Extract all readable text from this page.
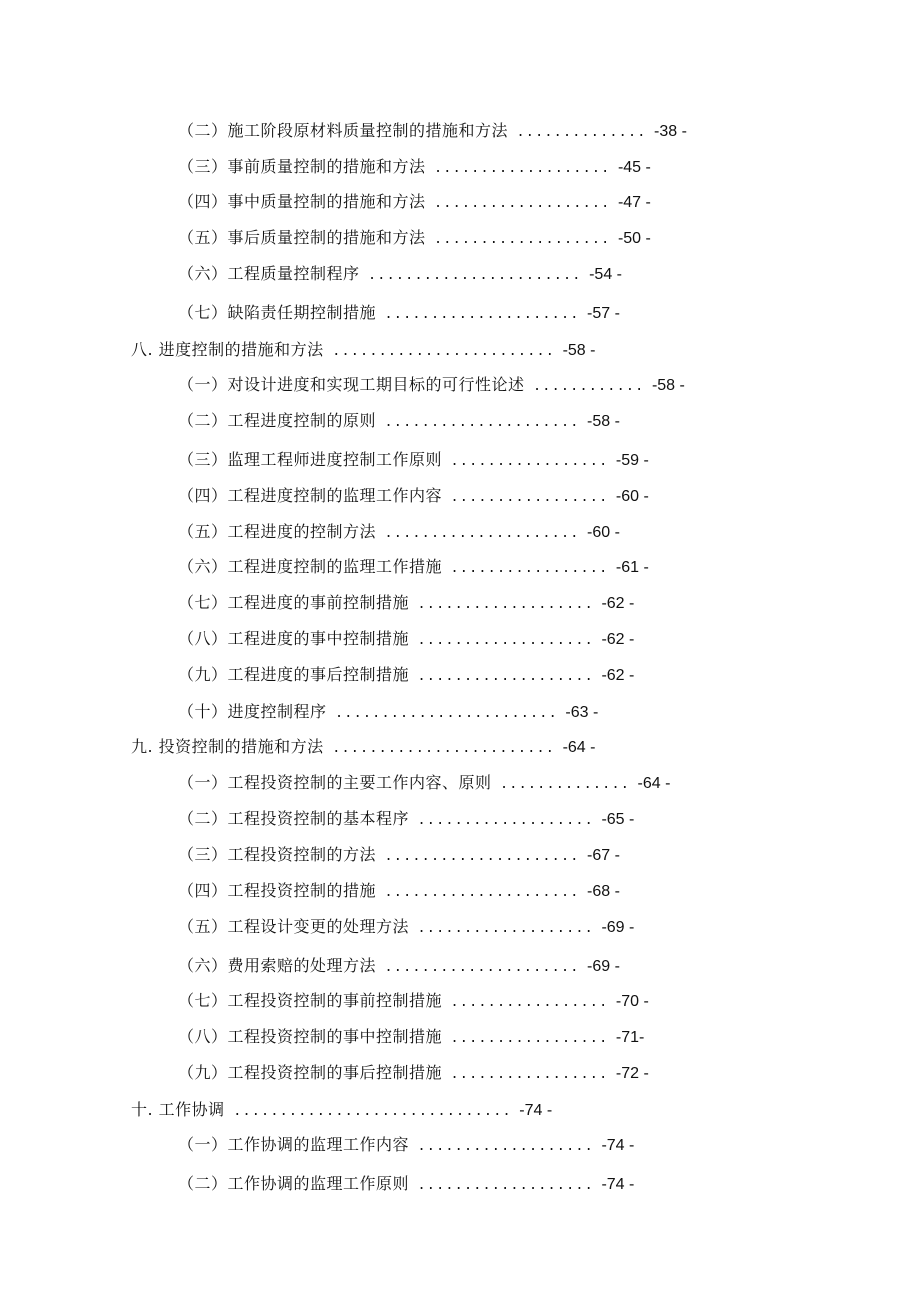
（二）施工阶段原材料质量控制的措施和方法 .............. -38 -
（三）事前质量控制的措施和方法 ................... -45 -
（四）事中质量控制的措施和方法 ................... -47 -
（五）事后质量控制的措施和方法 ................... -50 -
（六）工程质量控制程序 ....................... -54 -
（七）缺陷责任期控制措施 ..................... -57 -
八. 进度控制的措施和方法 ........................ -58 -
（一）对设计进度和实现工期目标的可行性论述 ............ -58 -
（二）工程进度控制的原则 ..................... -58 -
（三）监理工程师进度控制工作原则 ................. -59 -
（四）工程进度控制的监理工作内容 ................. -60 -
（五）工程进度的控制方法 ..................... -60 -
（六）工程进度控制的监理工作措施 ................. -61 -
（七）工程进度的事前控制措施 ................... -62 -
（八）工程进度的事中控制措施 ................... -62 -
（九）工程进度的事后控制措施 ................... -62 -
（十）进度控制程序 ........................ -63 -
九. 投资控制的措施和方法 ........................ -64 -
（一）工程投资控制的主要工作内容、原则 .............. -64 -
（二）工程投资控制的基本程序 ................... -65 -
（三）工程投资控制的方法 ..................... -67 -
（四）工程投资控制的措施 ..................... -68 -
（五）工程设计变更的处理方法 ................... -69 -
（六）费用索赔的处理方法 ..................... -69 -
（七）工程投资控制的事前控制措施 ................. -70 -
（八）工程投资控制的事中控制措施 ................. -71-
（九）工程投资控制的事后控制措施 ................. -72 -
十. 工作协调 .............................. -74 -
（一）工作协调的监理工作内容 ................... -74 -
（二）工作协调的监理工作原则 ................... -74 -
